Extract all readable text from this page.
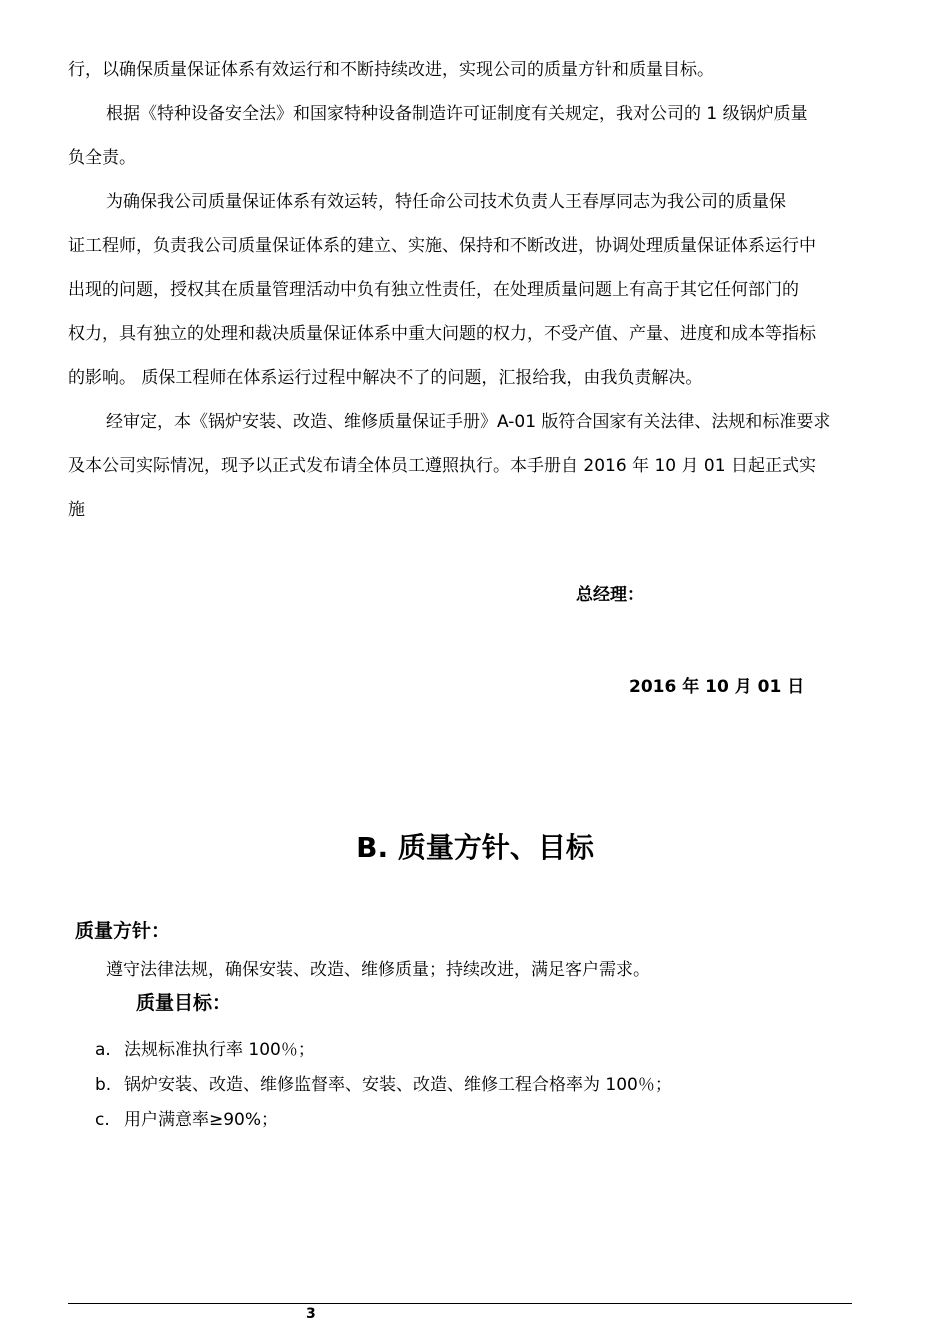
行，以确保质量保证体系有效运行和不断持续改进，实现公司的质量方针和质量目标。

根据《特种设备安全法》和国家特种设备制造许可证制度有关规定，我对公司的 1 级锅炉质量
负全责。

为确保我公司质量保证体系有效运转，特任命公司技术负责人王春厚同志为我公司的质量保
证工程师，负责我公司质量保证体系的建立、实施、保持和不断改进，协调处理质量保证体系运行中
出现的问题，授权其在质量管理活动中负有独立性责任，在处理质量问题上有高于其它任何部门的
权力，具有独立的处理和裁决质量保证体系中重大问题的权力，不受产值、产量、进度和成本等指标
的影响。 质保工程师在体系运行过程中解决不了的问题，汇报给我，由我负责解决。

经审定，本《锅炉安装、改造、维修质量保证手册》A-01 版符合国家有关法律、法规和标准要求
及本公司实际情况，现予以正式发布请全体员工遵照执行。本手册自 2016 年 10 月 01 日起正式实
施

总经理：
2016 年 10 月 01 日
B. 质量方针、目标
质量方针：
遵守法律法规，确保安装、改造、维修质量；持续改进，满足客户需求。
质量目标：
a. 法规标准执行率 100％；
b. 锅炉安装、改造、维修监督率、安装、改造、维修工程合格率为 100％；
c. 用户满意率≥90%；
3
